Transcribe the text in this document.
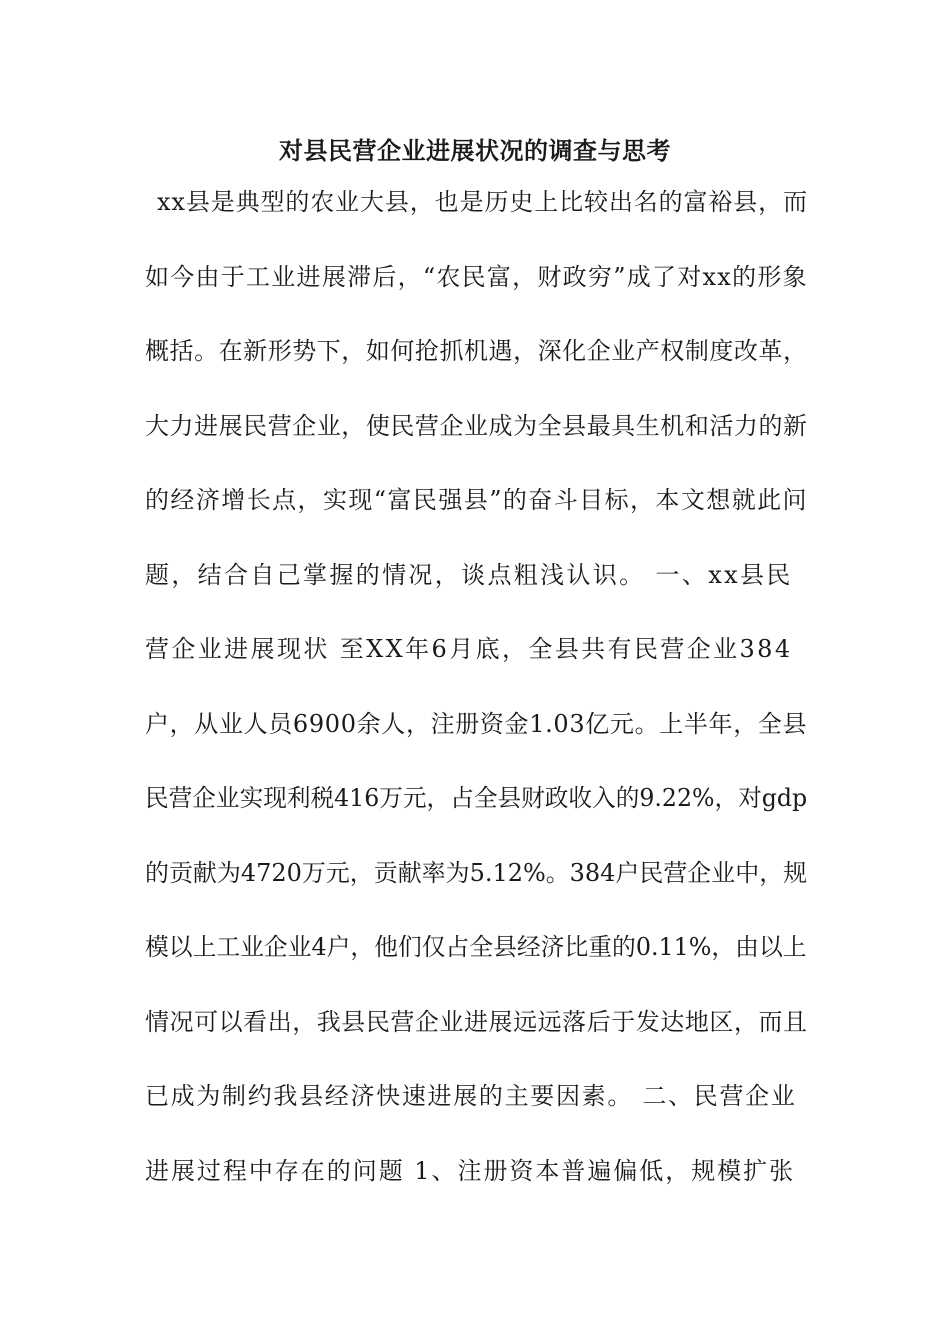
对县民营企业进展状况的调查与思考
xx县是典型的农业大县，也是历史上比较出名的富裕县，而
如今由于工业进展滞后，“农民富，财政穷”成了对xx的形象
概括。在新形势下，如何抢抓机遇，深化企业产权制度改革，
大力进展民营企业，使民营企业成为全县最具生机和活力的新
的经济增长点，实现“富民强县”的奋斗目标，本文想就此问
题，结合自己掌握的情况，谈点粗浅认识。 一、xx县民
营企业进展现状 至XX年6月底，全县共有民营企业384
户，从业人员6900余人，注册资金1.03亿元。上半年，全县
民营企业实现利税416万元，占全县财政收入的9.22%，对gdp
的贡献为4720万元，贡献率为5.12%。384户民营企业中，规
模以上工业企业4户，他们仅占全县经济比重的0.11%，由以上
情况可以看出，我县民营企业进展远远落后于发达地区，而且
已成为制约我县经济快速进展的主要因素。 二、民营企业
进展过程中存在的问题 1、注册资本普遍偏低，规模扩张
